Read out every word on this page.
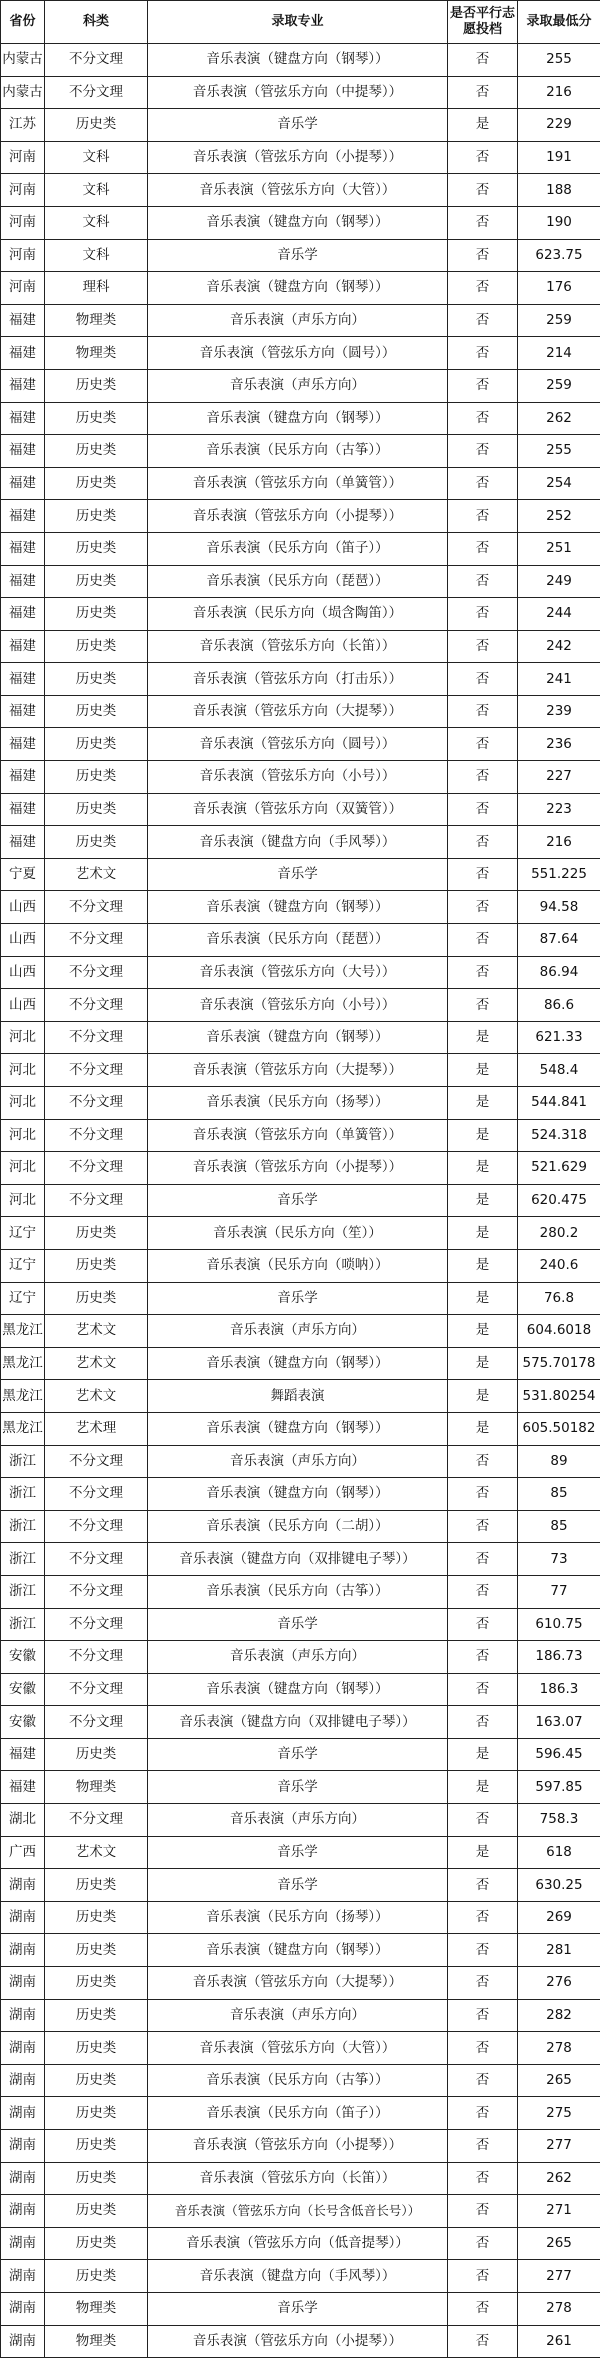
省份	科类	录取专业	是否平行志愿投档	录取最低分
内蒙古	不分文理	音乐表演（键盘方向（钢琴））	否	255
内蒙古	不分文理	音乐表演（管弦乐方向（中提琴））	否	216
江苏	历史类	音乐学	是	229
河南	文科	音乐表演（管弦乐方向（小提琴））	否	191
河南	文科	音乐表演（管弦乐方向（大管））	否	188
河南	文科	音乐表演（键盘方向（钢琴））	否	190
河南	文科	音乐学	否	623.75
河南	理科	音乐表演（键盘方向（钢琴））	否	176
福建	物理类	音乐表演（声乐方向）	否	259
福建	物理类	音乐表演（管弦乐方向（圆号））	否	214
福建	历史类	音乐表演（声乐方向）	否	259
福建	历史类	音乐表演（键盘方向（钢琴））	否	262
福建	历史类	音乐表演（民乐方向（古筝））	否	255
福建	历史类	音乐表演（管弦乐方向（单簧管））	否	254
福建	历史类	音乐表演（管弦乐方向（小提琴））	否	252
福建	历史类	音乐表演（民乐方向（笛子））	否	251
福建	历史类	音乐表演（民乐方向（琵琶））	否	249
福建	历史类	音乐表演（民乐方向（埙含陶笛））	否	244
福建	历史类	音乐表演（管弦乐方向（长笛））	否	242
福建	历史类	音乐表演（管弦乐方向（打击乐））	否	241
福建	历史类	音乐表演（管弦乐方向（大提琴））	否	239
福建	历史类	音乐表演（管弦乐方向（圆号））	否	236
福建	历史类	音乐表演（管弦乐方向（小号））	否	227
福建	历史类	音乐表演（管弦乐方向（双簧管））	否	223
福建	历史类	音乐表演（键盘方向（手风琴））	否	216
宁夏	艺术文	音乐学	否	551.225
山西	不分文理	音乐表演（键盘方向（钢琴））	否	94.58
山西	不分文理	音乐表演（民乐方向（琵琶））	否	87.64
山西	不分文理	音乐表演（管弦乐方向（大号））	否	86.94
山西	不分文理	音乐表演（管弦乐方向（小号））	否	86.6
河北	不分文理	音乐表演（键盘方向（钢琴））	是	621.33
河北	不分文理	音乐表演（管弦乐方向（大提琴））	是	548.4
河北	不分文理	音乐表演（民乐方向（扬琴））	是	544.841
河北	不分文理	音乐表演（管弦乐方向（单簧管））	是	524.318
河北	不分文理	音乐表演（管弦乐方向（小提琴））	是	521.629
河北	不分文理	音乐学	是	620.475
辽宁	历史类	音乐表演（民乐方向（笙））	是	280.2
辽宁	历史类	音乐表演（民乐方向（唢呐））	是	240.6
辽宁	历史类	音乐学	是	76.8
黑龙江	艺术文	音乐表演（声乐方向）	是	604.6018
黑龙江	艺术文	音乐表演（键盘方向（钢琴））	是	575.70178
黑龙江	艺术文	舞蹈表演	是	531.80254
黑龙江	艺术理	音乐表演（键盘方向（钢琴））	是	605.50182
浙江	不分文理	音乐表演（声乐方向）	否	89
浙江	不分文理	音乐表演（键盘方向（钢琴））	否	85
浙江	不分文理	音乐表演（民乐方向（二胡））	否	85
浙江	不分文理	音乐表演（键盘方向（双排键电子琴））	否	73
浙江	不分文理	音乐表演（民乐方向（古筝））	否	77
浙江	不分文理	音乐学	否	610.75
安徽	不分文理	音乐表演（声乐方向）	否	186.73
安徽	不分文理	音乐表演（键盘方向（钢琴））	否	186.3
安徽	不分文理	音乐表演（键盘方向（双排键电子琴））	否	163.07
福建	历史类	音乐学	是	596.45
福建	物理类	音乐学	是	597.85
湖北	不分文理	音乐表演（声乐方向）	否	758.3
广西	艺术文	音乐学	是	618
湖南	历史类	音乐学	否	630.25
湖南	历史类	音乐表演（民乐方向（扬琴））	否	269
湖南	历史类	音乐表演（键盘方向（钢琴））	否	281
湖南	历史类	音乐表演（管弦乐方向（大提琴））	否	276
湖南	历史类	音乐表演（声乐方向）	否	282
湖南	历史类	音乐表演（管弦乐方向（大管））	否	278
湖南	历史类	音乐表演（民乐方向（古筝））	否	265
湖南	历史类	音乐表演（民乐方向（笛子））	否	275
湖南	历史类	音乐表演（管弦乐方向（小提琴））	否	277
湖南	历史类	音乐表演（管弦乐方向（长笛））	否	262
湖南	历史类	音乐表演（管弦乐方向（长号含低音长号））	否	271
湖南	历史类	音乐表演（管弦乐方向（低音提琴））	否	265
湖南	历史类	音乐表演（键盘方向（手风琴））	否	277
湖南	物理类	音乐学	否	278
湖南	物理类	音乐表演（管弦乐方向（小提琴））	否	261
